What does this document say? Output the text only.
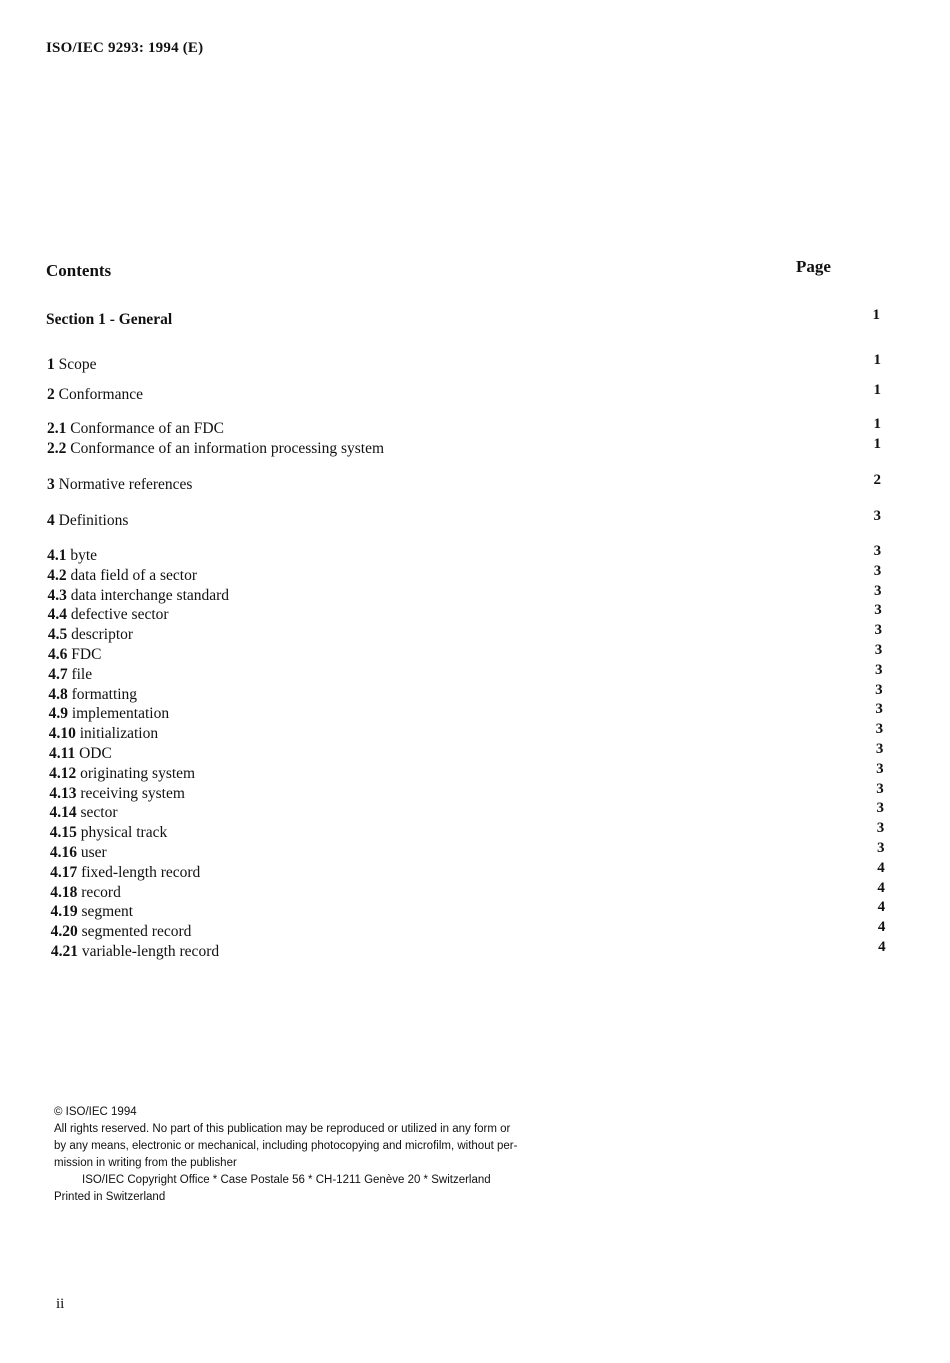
ISO/IEC 9293: 1994 (E)
Contents	Page
Section 1 - General	1
1 Scope	1
2 Conformance	1
2.1 Conformance of an FDC	1
2.2 Conformance of an information processing system	1
3 Normative references	2
4 Definitions	3
4.1 byte	3
4.2 data field of a sector	3
4.3 data interchange standard	3
4.4 defective sector	3
4.5 descriptor	3
4.6 FDC	3
4.7 file	3
4.8 formatting	3
4.9 implementation	3
4.10 initialization	3
4.11 ODC	3
4.12 originating system	3
4.13 receiving system	3
4.14 sector	3
4.15 physical track	3
4.16 user	3
4.17 fixed-length record	4
4.18 record	4
4.19 segment	4
4.20 segmented record	4
4.21 variable-length record	4
© ISO/IEC 1994
All rights reserved. No part of this publication may be reproduced or utilized in any form or
by any means, electronic or mechanical, including photocopying and microfilm, without per-
mission in writing from the publisher
ISO/IEC Copyright Office * Case Postale 56 * CH-1211 Genève 20 * Switzerland
Printed in Switzerland
ii
